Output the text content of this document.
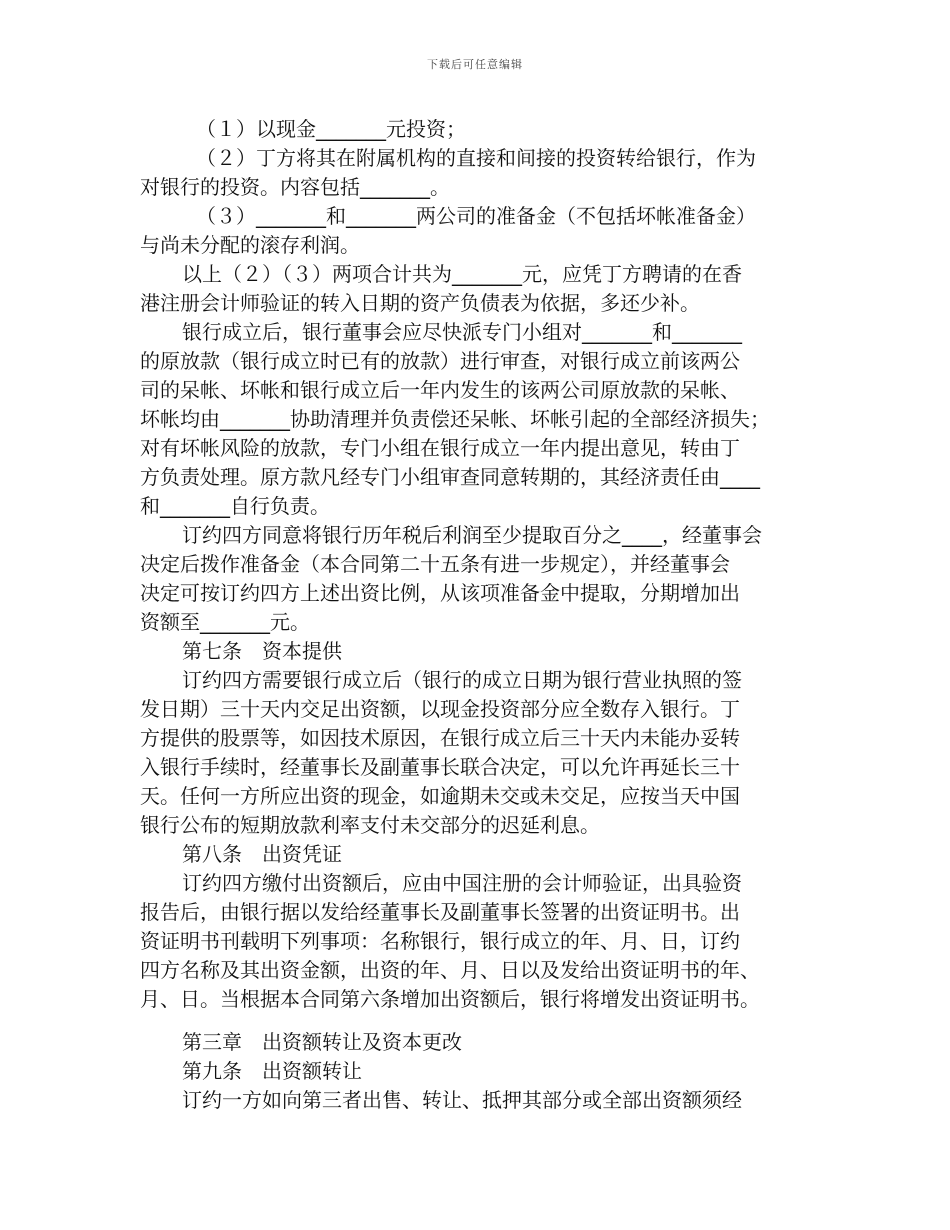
下载后可任意编辑
（１）以现金_______元投资；
（２）丁方将其在附属机构的直接和间接的投资转给银行，作为
对银行的投资。内容包括_______。
（３）_______和_______两公司的准备金（不包括坏帐准备金）
与尚未分配的滚存利润。
以上（２）（３）两项合计共为_______元，应凭丁方聘请的在香
港注册会计师验证的转入日期的资产负债表为依据，多还少补。
银行成立后，银行董事会应尽快派专门小组对_______和_______
的原放款（银行成立时已有的放款）进行审查，对银行成立前该两公
司的呆帐、坏帐和银行成立后一年内发生的该两公司原放款的呆帐、
坏帐均由_______协助清理并负责偿还呆帐、坏帐引起的全部经济损失；
对有坏帐风险的放款，专门小组在银行成立一年内提出意见，转由丁
方负责处理。原方款凡经专门小组审查同意转期的，其经济责任由____
和_______自行负责。
订约四方同意将银行历年税后利润至少提取百分之____，经董事会
决定后拨作准备金（本合同第二十五条有进一步规定），并经董事会
决定可按订约四方上述出资比例，从该项准备金中提取，分期增加出
资额至_______元。
第七条　资本提供
订约四方需要银行成立后（银行的成立日期为银行营业执照的签
发日期）三十天内交足出资额，以现金投资部分应全数存入银行。丁
方提供的股票等，如因技术原因，在银行成立后三十天内未能办妥转
入银行手续时，经董事长及副董事长联合决定，可以允许再延长三十
天。任何一方所应出资的现金，如逾期未交或未交足，应按当天中国
银行公布的短期放款利率支付未交部分的迟延利息。
第八条　出资凭证
订约四方缴付出资额后，应由中国注册的会计师验证，出具验资
报告后，由银行据以发给经董事长及副董事长签署的出资证明书。出
资证明书刊载明下列事项：名称银行，银行成立的年、月、日，订约
四方名称及其出资金额，出资的年、月、日以及发给出资证明书的年、
月、日。当根据本合同第六条增加出资额后，银行将增发出资证明书。
第三章　出资额转让及资本更改
第九条　出资额转让
订约一方如向第三者出售、转让、抵押其部分或全部出资额须经
